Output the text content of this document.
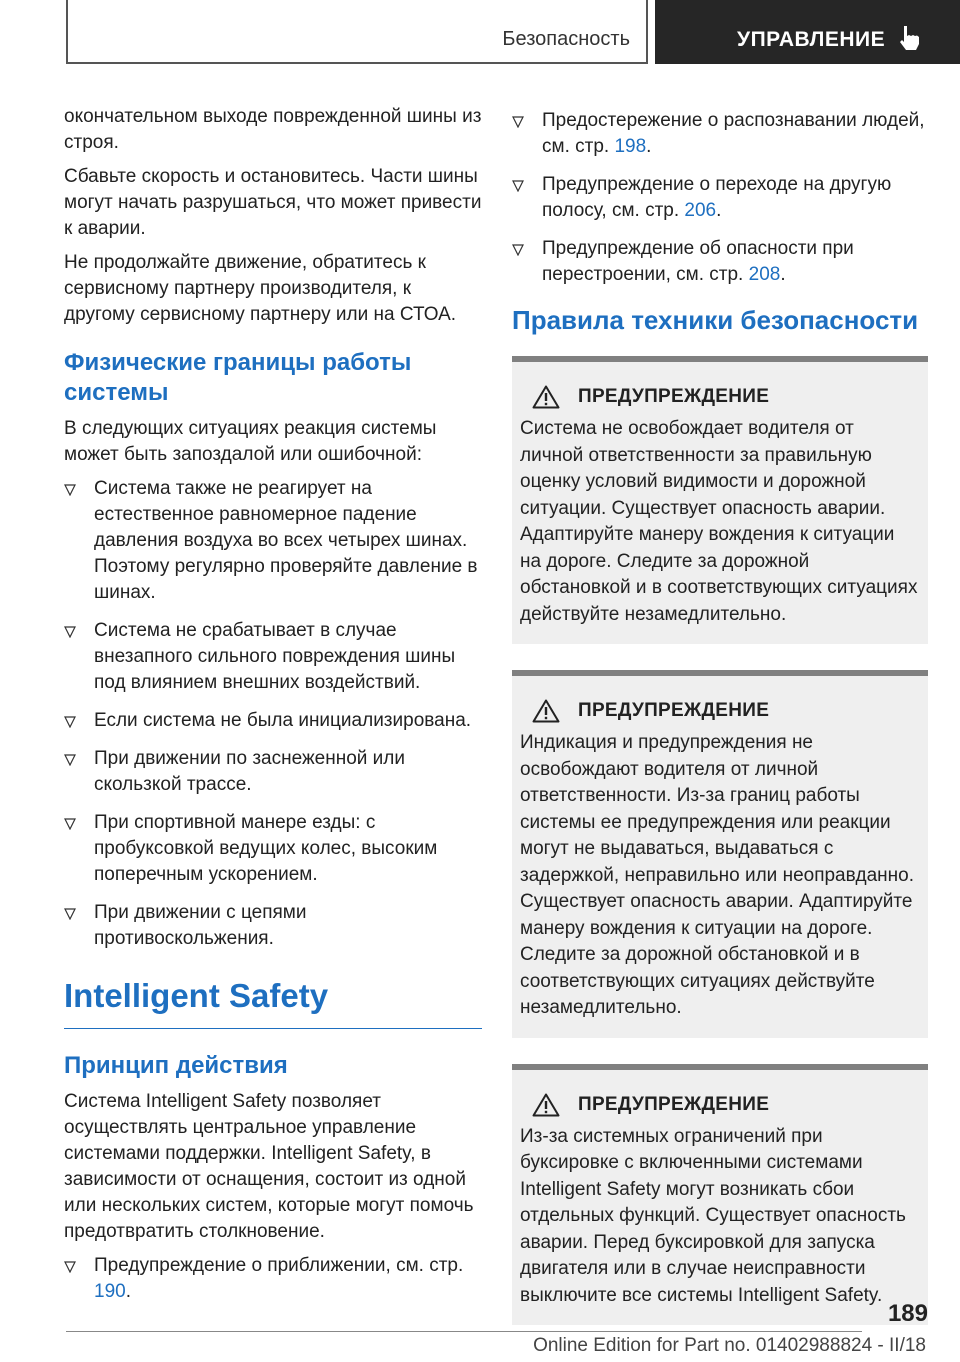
Безопасность	УПРАВЛЕНИЕ

окончательном выходе поврежденной шины из строя.

Сбавьте скорость и остановитесь. Части шины могут начать разрушаться, что может привести к аварии.

Не продолжайте движение, обратитесь к сервисному партнеру производителя, к другому сервисному партнеру или на СТОА.

Физические границы работы системы

В следующих ситуациях реакция системы может быть запоздалой или ошибочной:

Система также не реагирует на естественное равномерное падение давления воздуха во всех четырех шинах. Поэтому регулярно проверяйте давление в шинах.
Система не срабатывает в случае внезапного сильного повреждения шины под влиянием внешних воздействий.
Если система не была инициализирована.
При движении по заснеженной или скользкой трассе.
При спортивной манере езды: с пробуксовкой ведущих колес, высоким поперечным ускорением.
При движении с цепями противоскольжения.
Intelligent Safety
Принцип действия

Система Intelligent Safety позволяет осуществлять центральное управление системами поддержки. Intelligent Safety, в зависимости от оснащения, состоит из одной или нескольких систем, которые могут помочь предотвратить столкновение.

Предупреждение о приближении, см. стр. 190.
Предостережение о распознавании людей, см. стр. 198.
Предупреждение о переходе на другую полосу, см. стр. 206.
Предупреждение об опасности при перестроении, см. стр. 208.
Правила техники безопасности
ПРЕДУПРЕЖДЕНИЕ
Система не освобождает водителя от личной ответственности за правильную оценку условий видимости и дорожной ситуации. Существует опасность аварии. Адаптируйте манеру вождения к ситуации на дороге. Следите за дорожной обстановкой и в соответствующих ситуациях действуйте незамедлительно.
ПРЕДУПРЕЖДЕНИЕ
Индикация и предупреждения не освобождают водителя от личной ответственности. Из-за границ работы системы ее предупреждения или реакции могут не выдаваться, выдаваться с задержкой, неправильно или неоправданно. Существует опасность аварии. Адаптируйте манеру вождения к ситуации на дороге. Следите за дорожной обстановкой и в соответствующих ситуациях действуйте незамедлительно.
ПРЕДУПРЕЖДЕНИЕ
Из-за системных ограничений при буксировке с включенными системами Intelligent Safety могут возникать сбои отдельных функций. Существует опасность аварии. Перед буксировкой для запуска двигателя или в случае неисправности выключите все системы Intelligent Safety.
189
Online Edition for Part no. 01402988824 - II/18
